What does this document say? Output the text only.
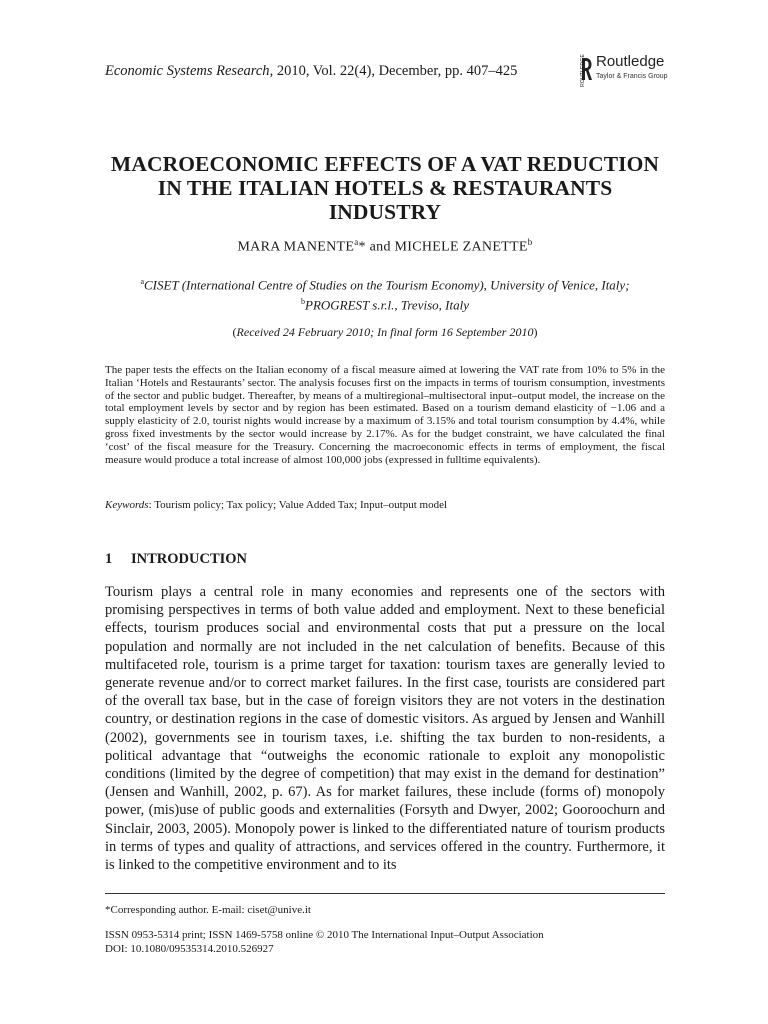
Economic Systems Research, 2010, Vol. 22(4), December, pp. 407–425	ROUTLEDGE Routledge
Taylor & Francis Group
MACROECONOMIC EFFECTS OF A VAT REDUCTION
IN THE ITALIAN HOTELS & RESTAURANTS
INDUSTRY
MARA MANENTE$^a$* and MICHELE ZANETTE$^b$
$^a$CISET (International Centre of Studies on the Tourism Economy), University of Venice, Italy;
$^b$PROGREST s.r.l., Treviso, Italy
(Received 24 February 2010; In final form 16 September 2010)
The paper tests the effects on the Italian economy of a fiscal measure aimed at lowering the VAT rate from 10% to 5% in the Italian ‘Hotels and Restaurants’ sector. The analysis focuses first on the impacts in terms of tourism consumption, investments of the sector and public budget. Thereafter, by means of a multiregional–multisectoral input–output model, the increase on the total employment levels by sector and by region has been estimated. Based on a tourism demand elasticity of −1.06 and a supply elasticity of 2.0, tourist nights would increase by a maximum of 3.15% and total tourism consumption by 4.4%, while gross fixed investments by the sector would increase by 2.17%. As for the budget constraint, we have calculated the final ‘cost’ of the fiscal measure for the Treasury. Concerning the macroeconomic effects in terms of employment, the fiscal measure would produce a total increase of almost 100,000 jobs (expressed in fulltime equivalents).
Keywords: Tourism policy; Tax policy; Value Added Tax; Input–output model
1 INTRODUCTION
Tourism plays a central role in many economies and represents one of the sectors with promising perspectives in terms of both value added and employment. Next to these beneficial effects, tourism produces social and environmental costs that put a pressure on the local population and normally are not included in the net calculation of benefits. Because of this multifaceted role, tourism is a prime target for taxation: tourism taxes are generally levied to generate revenue and/or to correct market failures. In the first case, tourists are considered part of the overall tax base, but in the case of foreign visitors they are not voters in the destination country, or destination regions in the case of domestic visitors. As argued by Jensen and Wanhill (2002), governments see in tourism taxes, i.e. shifting the tax burden to non-residents, a political advantage that “outweighs the economic rationale to exploit any monopolistic conditions (limited by the degree of competition) that may exist in the demand for destination” (Jensen and Wanhill, 2002, p. 67). As for market failures, these include (forms of) monopoly power, (mis)use of public goods and externalities (Forsyth and Dwyer, 2002; Gooroochurn and Sinclair, 2003, 2005). Monopoly power is linked to the differentiated nature of tourism products in terms of types and quality of attractions, and services offered in the country. Furthermore, it is linked to the competitive environment and to its
*Corresponding author. E-mail: ciset@unive.it
ISSN 0953-5314 print; ISSN 1469-5758 online © 2010 The International Input–Output Association
DOI: 10.1080/09535314.2010.526927
